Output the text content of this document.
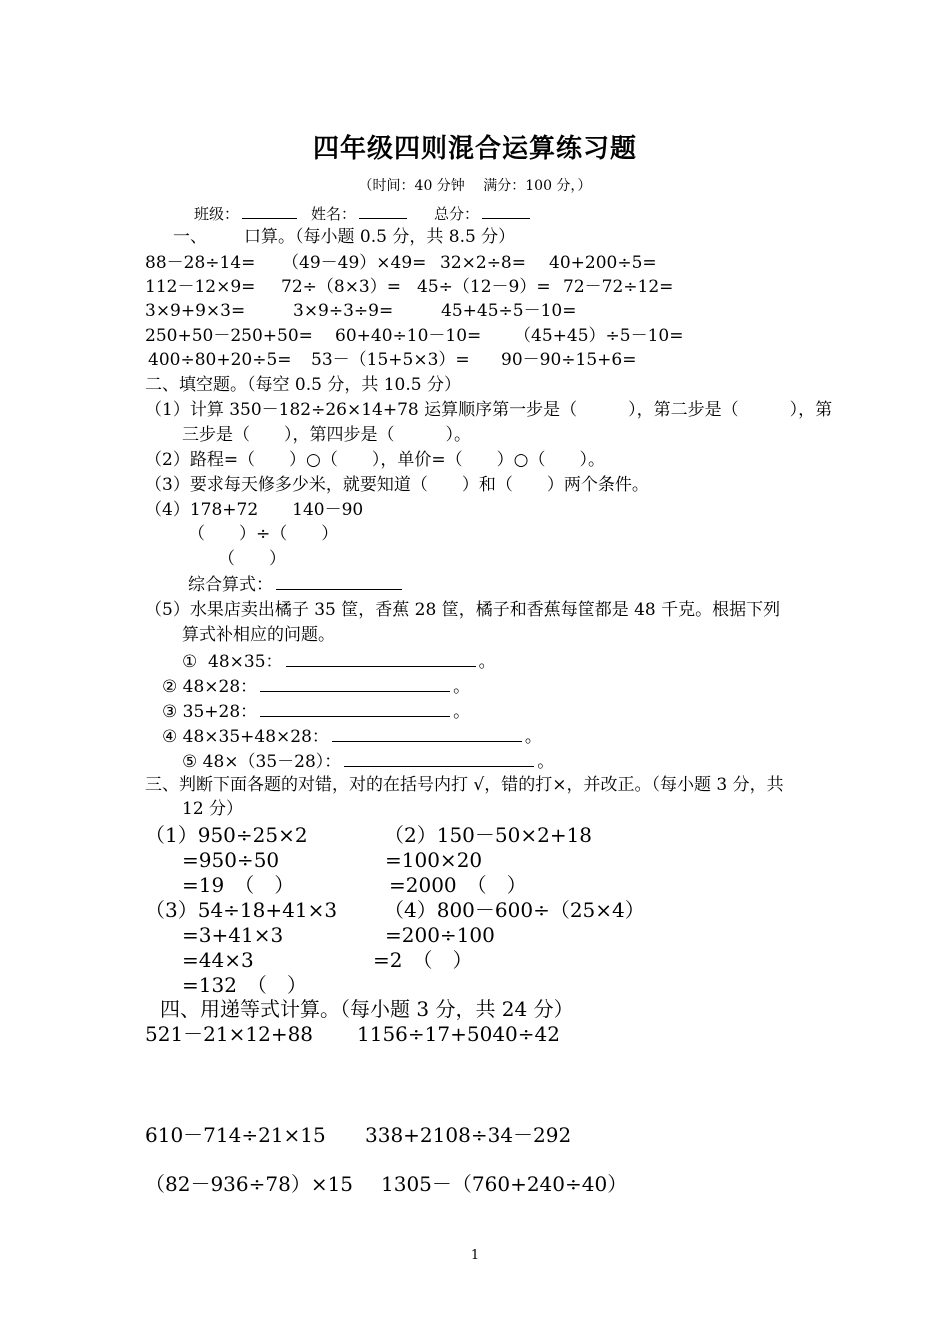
四年级四则混合运算练习题
（时间：40 分钟　 满分：100 分，）
班级：	姓名：	总分：
一、 口算。（每小题 0.5 分，共 8.5 分）
88－28÷14= （49－49）×49= 32×2÷8= 40+200÷5=
112－12×9= 72÷（8×3）= 45÷（12－9）= 72－72÷12=
3×9+9×3=	3×9÷3÷9=	45+45÷5－10=
250+50－250+50= 60+40÷10－10= （45+45）÷5－10=
400÷80+20÷5= 53－（15+5×3）= 90－90÷15+6=
二、填空题。（每空 0.5 分，共 10.5 分）
（1）计算 350－182÷26×14+78 运算顺序第一步是（　　　），第二步是（　　　），第
三步是（　　），第四步是（　　　）。
（2）路程=（　　）○（　　），单价=（　　）○（　　）。
（3）要求每天修多少米，就要知道（　　）和（　　）两个条件。
（4）178+72　　140－90
（　　）÷（　　）
（　　）
综合算式：
（5）水果店卖出橘子 35 筐，香蕉 28 筐，橘子和香蕉每筐都是 48 千克。根据下列
算式补相应的问题。
①  48×35：	。
② 48×28：	。
③ 35+28：	。
④ 48×35+48×28：	。
⑤ 48×（35－28）：	。
三、判断下面各题的对错，对的在括号内打 √，错的打×，并改正。（每小题 3 分，共
12 分）
（1）950÷25×2
=950÷50
=19　（　）
（2）150－50×2+18
=100×20
=2000　（　）
（3）54÷18+41×3
=3+41×3
=44×3
=132　（　）
（4）800－600÷（25×4）
=200÷100
=2　（　）
四、用递等式计算。（每小题 3 分，共 24 分）
521－21×12+88 1156÷17+5040÷42
610－714÷21×15 338+2108÷34－292
（82－936÷78）×15 1305－（760+240÷40）
1
